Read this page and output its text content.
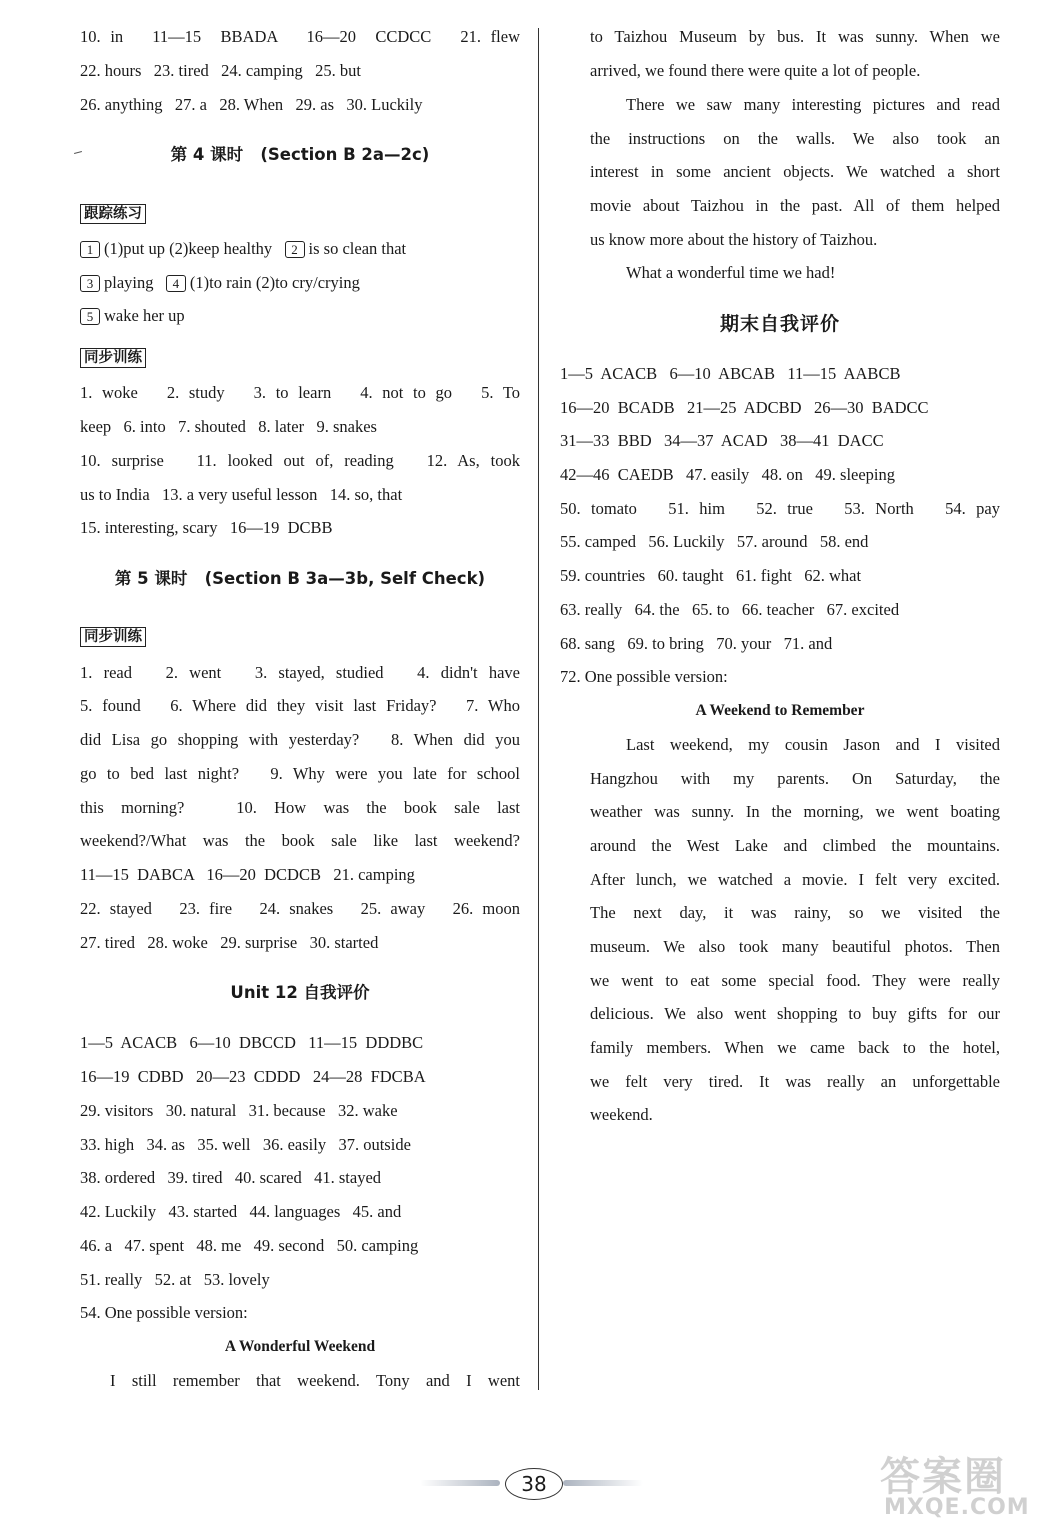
10. in   11—15  BBADA   16—20  CCDCC   21. flew
22. hours   23. tired   24. camping   25. but
26. anything   27. a   28. When   29. as   30. Luckily
第 4 课时   (Section B 2a—2c)
跟踪练习
1 (1)put up (2)keep healthy 2 is so clean that
3 playing 4 (1)to rain (2)to cry/crying
5 wake her up
同步训练
1. woke   2. study   3. to learn   4. not to go   5. To
keep   6. into   7. shouted   8. later   9. snakes
10. surprise   11. looked out of, reading   12. As, took
us to India   13. a very useful lesson   14. so, that
15. interesting, scary   16—19  DCBB
第 5 课时   (Section B 3a—3b, Self Check)
同步训练
1. read   2. went   3. stayed, studied   4. didn't have
5. found   6. Where did they visit last Friday?   7. Who
did Lisa go shopping with yesterday?   8. When did you
go to bed last night?   9. Why were you late for school
this morning?   10. How was the book sale last
weekend?/What was the book sale like last weekend?
11—15  DABCA   16—20  DCDCB   21. camping
22. stayed   23. fire   24. snakes   25. away   26. moon
27. tired   28. woke   29. surprise   30. started
Unit 12 自我评价
1—5  ACACB   6—10  DBCCD   11—15  DDDBC
16—19  CDBD   20—23  CDDD   24—28  FDCBA
29. visitors   30. natural   31. because   32. wake
33. high   34. as   35. well   36. easily   37. outside
38. ordered   39. tired   40. scared   41. stayed
42. Luckily   43. started   44. languages   45. and
46. a   47. spent   48. me   49. second   50. camping
51. really   52. at   53. lovely
54. One possible version:
A Wonderful Weekend
I still remember that weekend. Tony and I went
to Taizhou Museum by bus. It was sunny. When we
arrived, we found there were quite a lot of people.
There we saw many interesting pictures and read
the instructions on the walls. We also took an
interest in some ancient objects. We watched a short
movie about Taizhou in the past. All of them helped
us know more about the history of Taizhou.
What a wonderful time we had!
期末自我评价
1—5  ACACB   6—10  ABCAB   11—15  AABCB
16—20  BCADB   21—25  ADCBD   26—30  BADCC
31—33  BBD   34—37  ACAD   38—41  DACC
42—46  CAEDB   47. easily   48. on   49. sleeping
50. tomato   51. him   52. true   53. North   54. pay
55. camped   56. Luckily   57. around   58. end
59. countries   60. taught   61. fight   62. what
63. really   64. the   65. to   66. teacher   67. excited
68. sang   69. to bring   70. your   71. and
72. One possible version:
A Weekend to Remember
Last weekend, my cousin Jason and I visited
Hangzhou with my parents. On Saturday, the
weather was sunny. In the morning, we went boating
around the West Lake and climbed the mountains.
After lunch, we watched a movie. I felt very excited.
The next day, it was rainy, so we visited the
museum. We also took many beautiful photos. Then
we went to eat some special food. They were really
delicious. We also went shopping to buy gifts for our
family members. When we came back to the hotel,
we felt very tired. It was really an unforgettable
weekend.
38	答案圈
MXQE.COM
